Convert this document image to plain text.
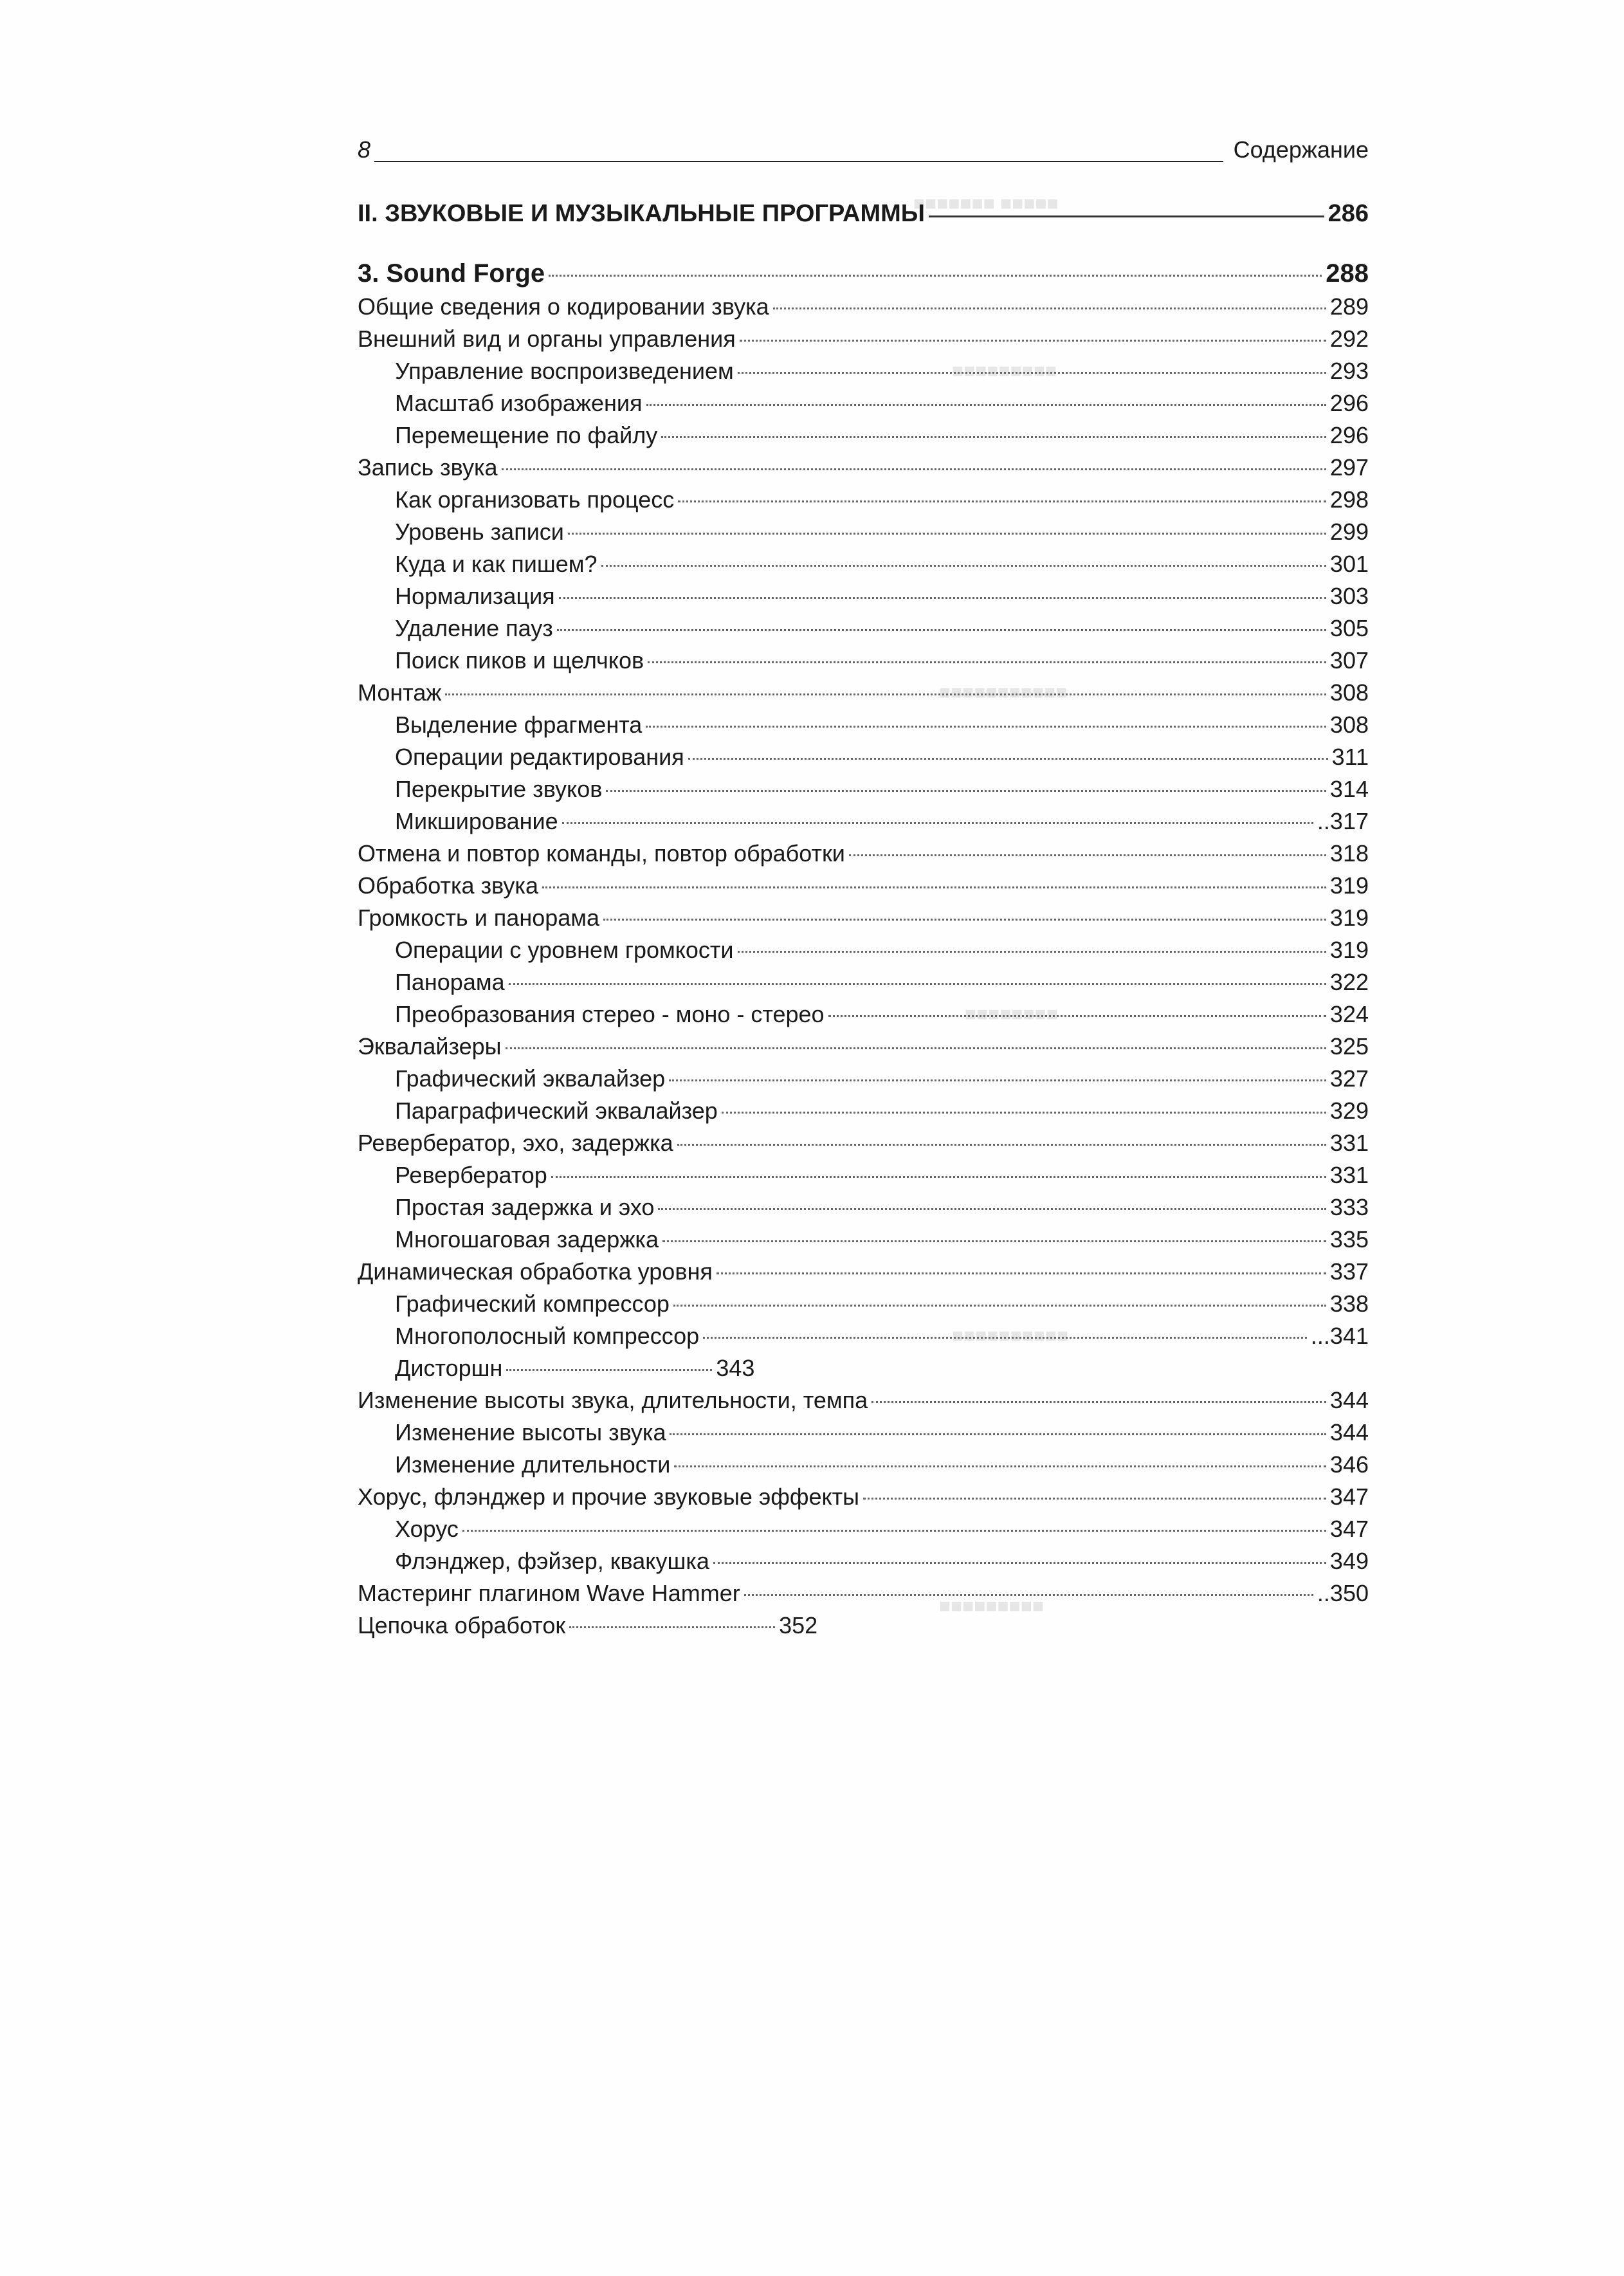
■■■■■ ■■■■■■■
■■■■■■■■■
■■■■■■■■■■■
■■■■■■■■
■■■■■■■■■■
■■■■■■■■■
8	Содержание
II. ЗВУКОВЫЕ И МУЗЫКАЛЬНЫЕ ПРОГРАММЫ	286
3. Sound Forge	288
Общие сведения о кодировании звука	289
Внешний вид и органы управления	292
Управление воспроизведением	293
Масштаб изображения	296
Перемещение по файлу	296
Запись звука	297
Как организовать процесс	298
Уровень записи	299
Куда и как пишем?	301
Нормализация	303
Удаление пауз	305
Поиск пиков и щелчков	307
Монтаж	308
Выделение фрагмента	308
Операции редактирования	311
Перекрытие звуков	314
Микширование	..317
Отмена и повтор команды, повтор обработки	318
Обработка звука	319
Громкость и панорама	319
Операции с уровнем громкости	319
Панорама	322
Преобразования стерео - моно - стерео	324
Эквалайзеры	325
Графический эквалайзер	327
Параграфический эквалайзер	329
Ревербератор, эхо, задержка	331
Ревербератор	331
Простая задержка и эхо	333
Многошаговая задержка	335
Динамическая обработка уровня	337
Графический компрессор	338
Многополосный компрессор	...341
Дисторшн	343
Изменение высоты звука, длительности, темпа	344
Изменение высоты звука	344
Изменение длительности	346
Хорус, флэнджер и прочие звуковые эффекты	347
Хорус	347
Флэнджер, фэйзер, квакушка	349
Мастеринг плагином Wave Hammer	..350
Цепочка обработок	352
